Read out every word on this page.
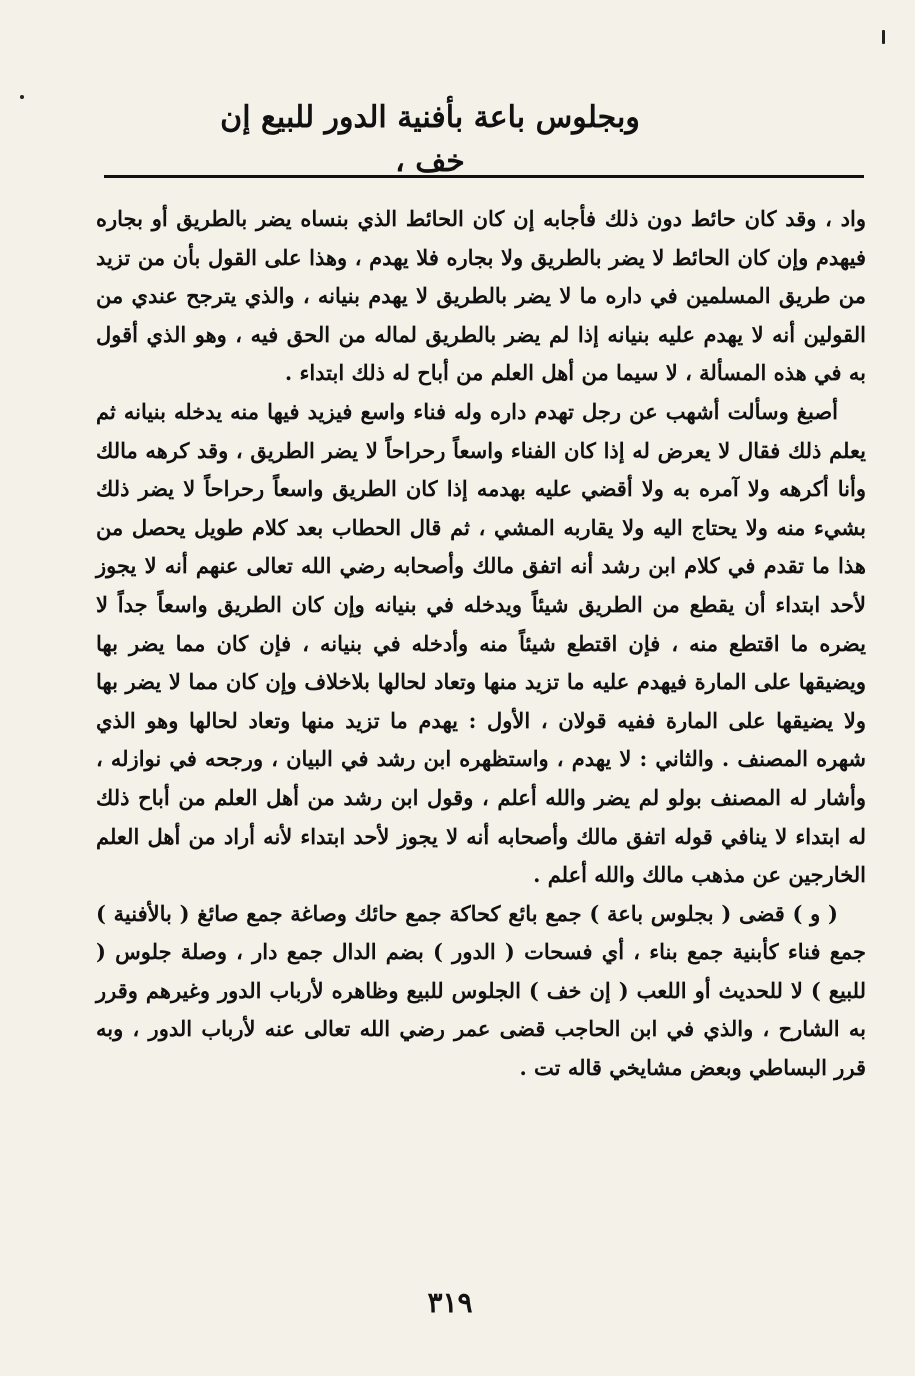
وبجلوس باعة بأفنية الدور للبيع إن خف ،

واد ، وقد كان حائط دون ذلك فأجابه إن كان الحائط الذي بنساه يضر بالطريق أو بجاره فيهدم وإن كان الحائط لا يضر بالطريق ولا بجاره فلا يهدم ، وهذا على القول بأن من تزيد من طريق المسلمين في داره ما لا يضر بالطريق لا يهدم بنيانه ، والذي يترجح عندي من القولين أنه لا يهدم عليه بنيانه إذا لم يضر بالطريق لماله من الحق فيه ، وهو الذي أقول به في هذه المسألة ، لا سيما من أهل العلم من أباح له ذلك ابتداء .

أصبغ وسألت أشهب عن رجل تهدم داره وله فناء واسع فيزيد فيها منه يدخله بنيانه ثم يعلم ذلك فقال لا يعرض له إذا كان الفناء واسعاً رحراحاً لا يضر الطريق ، وقد كرهه مالك وأنا أكرهه ولا آمره به ولا أقضي عليه بهدمه إذا كان الطريق واسعاً رحراحاً لا يضر ذلك بشيء منه ولا يحتاج اليه ولا يقاربه المشي ، ثم قال الحطاب بعد كلام طويل يحصل من هذا ما تقدم في كلام ابن رشد أنه اتفق مالك وأصحابه رضي الله تعالى عنهم أنه لا يجوز لأحد ابتداء أن يقطع من الطريق شيئاً ويدخله في بنيانه وإن كان الطريق واسعاً جداً لا يضره ما اقتطع منه ، فإن اقتطع شيئاً منه وأدخله في بنيانه ، فإن كان مما يضر بها ويضيقها على المارة فيهدم عليه ما تزيد منها وتعاد لحالها بلاخلاف وإن كان مما لا يضر بها ولا يضيقها على المارة ففيه قولان ، الأول : يهدم ما تزيد منها وتعاد لحالها وهو الذي شهره المصنف . والثاني : لا يهدم ، واستظهره ابن رشد في البيان ، ورجحه في نوازله ، وأشار له المصنف بولو لم يضر والله أعلم ، وقول ابن رشد من أهل العلم من أباح ذلك له ابتداء لا ينافي قوله اتفق مالك وأصحابه أنه لا يجوز لأحد ابتداء لأنه أراد من أهل العلم الخارجين عن مذهب مالك والله أعلم .

( و ) قضى ( بجلوس باعة ) جمع بائع كحاكة جمع حائك وصاغة جمع صائغ ( بالأفنية ) جمع فناء كأبنية جمع بناء ، أي فسحات ( الدور ) بضم الدال جمع دار ، وصلة جلوس ( للبيع ) لا للحديث أو اللعب ( إن خف ) الجلوس للبيع وظاهره لأرباب الدور وغيرهم وقرر به الشارح ، والذي في ابن الحاجب قضى عمر رضي الله تعالى عنه لأرباب الدور ، وبه قرر البساطي وبعض مشايخي قاله تت .

٣١٩
